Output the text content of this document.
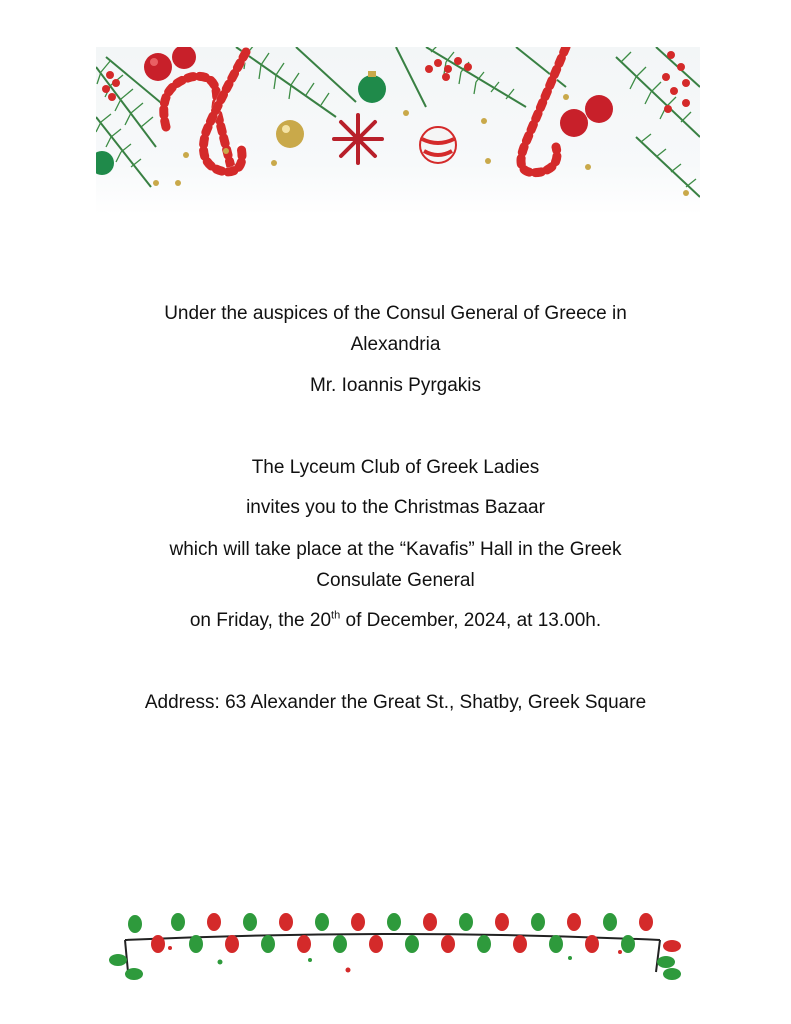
Under the auspices of the Consul General of Greece in
Alexandria
Mr. Ioannis Pyrgakis
The Lyceum Club of Greek Ladies
invites you to the Christmas Bazaar
which will take place at the “Kavafis” Hall in the Greek
Consulate General
on Friday, the 20th of December, 2024, at 13.00h.
Address: 63 Alexander the Great St., Shatby, Greek Square
